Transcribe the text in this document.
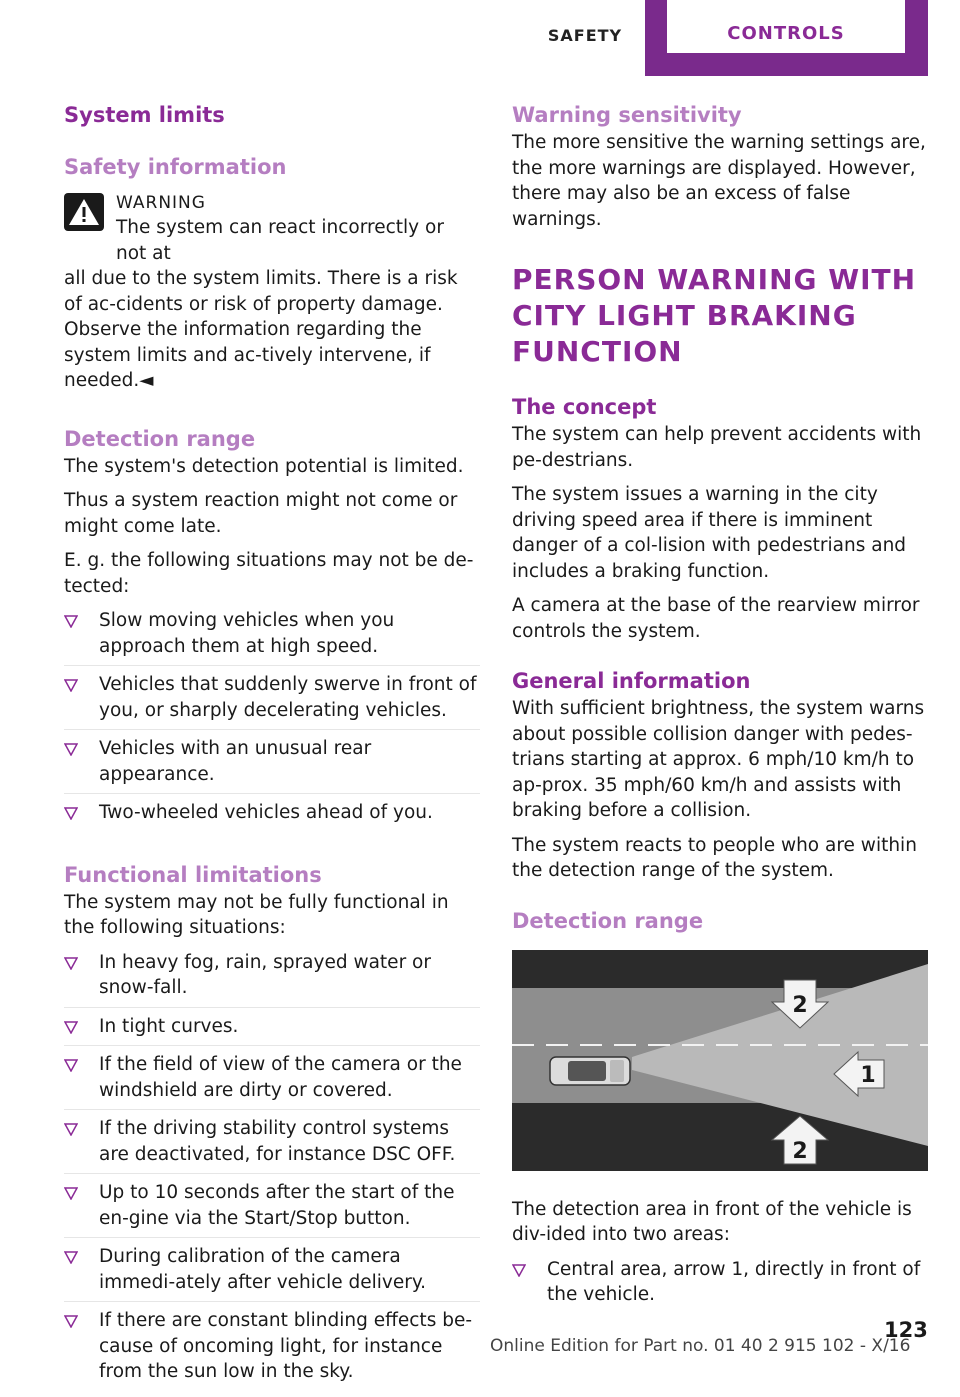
SAFETY	CONTROLS
System limits
Safety information
WARNING

The system can react incorrectly or not at

all due to the system limits. There is a risk of ac-cidents or risk of property damage. Observe the information regarding the system limits and ac-tively intervene, if needed.◄

Detection range

The system's detection potential is limited.

Thus a system reaction might not come or might come late.

E. g. the following situations may not be de-tected:

Slow moving vehicles when you approach them at high speed.
Vehicles that suddenly swerve in front of you, or sharply decelerating vehicles.
Vehicles with an unusual rear appearance.
Two-wheeled vehicles ahead of you.
Functional limitations

The system may not be fully functional in the following situations:

In heavy fog, rain, sprayed water or snow-fall.
In tight curves.
If the field of view of the camera or the windshield are dirty or covered.
If the driving stability control systems are deactivated, for instance DSC OFF.
Up to 10 seconds after the start of the en-gine via the Start/Stop button.
During calibration of the camera immedi-ately after vehicle delivery.
If there are constant blinding effects be-cause of oncoming light, for instance from the sun low in the sky.
Warning sensitivity

The more sensitive the warning settings are, the more warnings are displayed. However, there may also be an excess of false warnings.

PERSON WARNING WITH CITY LIGHT BRAKING FUNCTION
The concept

The system can help prevent accidents with pe-destrians.

The system issues a warning in the city driving speed area if there is imminent danger of a col-lision with pedestrians and includes a braking function.

A camera at the base of the rearview mirror controls the system.

General information

With sufficient brightness, the system warns about possible collision danger with pedes-trians starting at approx. 6 mph/10 km/h to ap-prox. 35 mph/60 km/h and assists with braking before a collision.

The system reacts to people who are within the detection range of the system.

Detection range
2
1
2

The detection area in front of the vehicle is div-ided into two areas:

Central area, arrow 1, directly in front of the vehicle.
123
Online Edition for Part no. 01 40 2 915 102 - X/16
